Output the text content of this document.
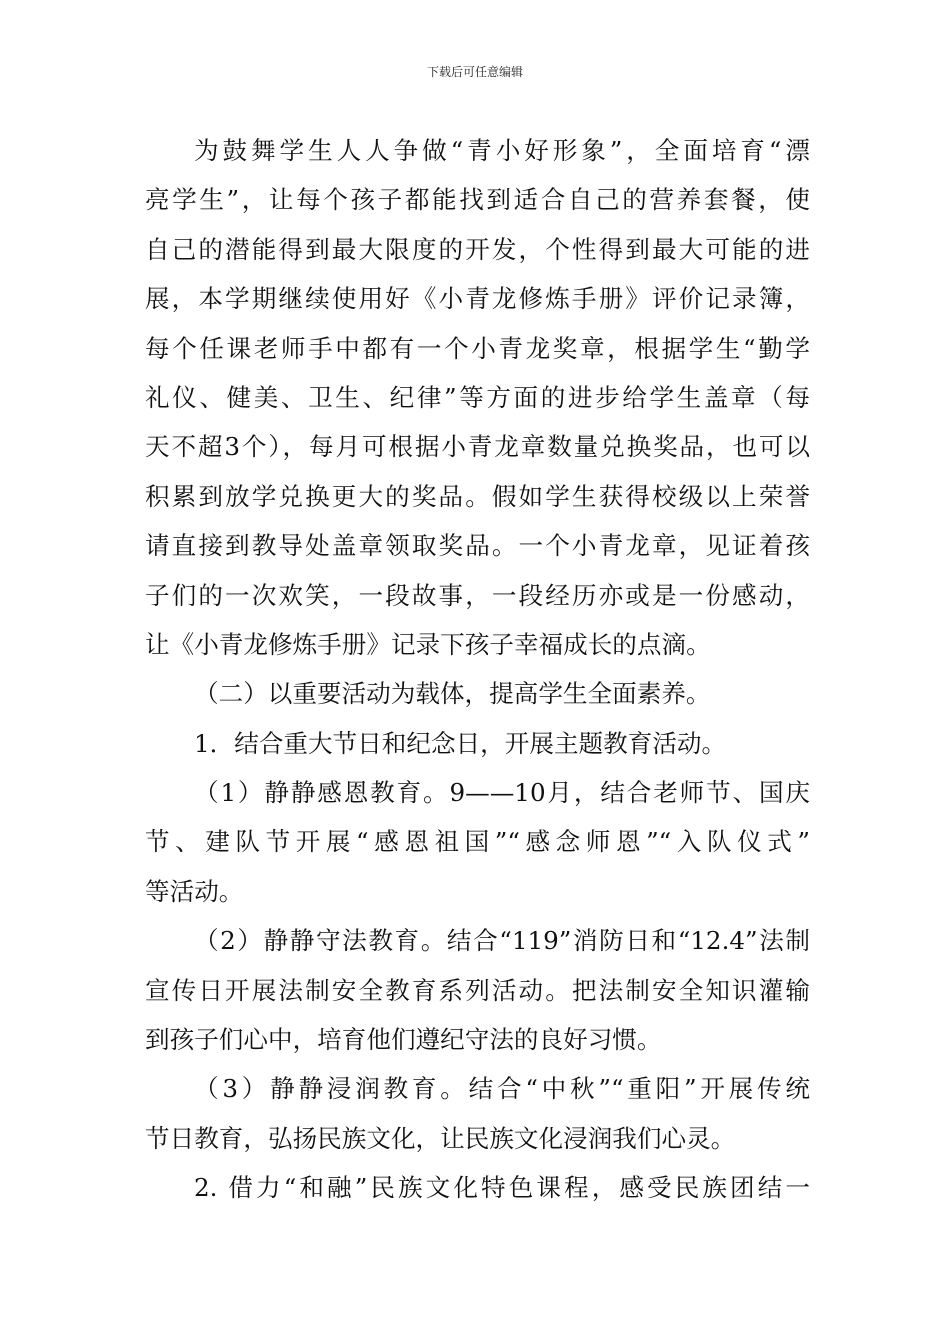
下载后可任意编辑
为鼓舞学生人人争做“青小好形象”，全面培育“漂
亮学生”，让每个孩子都能找到适合自己的营养套餐，使
自己的潜能得到最大限度的开发，个性得到最大可能的进
展，本学期继续使用好《小青龙修炼手册》评价记录簿，
每个任课老师手中都有一个小青龙奖章，根据学生“勤学
礼仪、健美、卫生、纪律”等方面的进步给学生盖章（每
天不超3个），每月可根据小青龙章数量兑换奖品，也可以
积累到放学兑换更大的奖品。假如学生获得校级以上荣誉
请直接到教导处盖章领取奖品。一个小青龙章，见证着孩
子们的一次欢笑，一段故事，一段经历亦或是一份感动，
让《小青龙修炼手册》记录下孩子幸福成长的点滴。
（二）以重要活动为载体，提高学生全面素养。
1．结合重大节日和纪念日，开展主题教育活动。
（1）静静感恩教育。9——10月，结合老师节、国庆
节、建队节开展“感恩祖国”“感念师恩”“入队仪式”
等活动。
（2）静静守法教育。结合“119”消防日和“12.4”法制
宣传日开展法制安全教育系列活动。把法制安全知识灌输
到孩子们心中，培育他们遵纪守法的良好习惯。
（3）静静浸润教育。结合“中秋”“重阳”开展传统
节日教育，弘扬民族文化，让民族文化浸润我们心灵。
2. 借力“和融”民族文化特色课程，感受民族团结一
